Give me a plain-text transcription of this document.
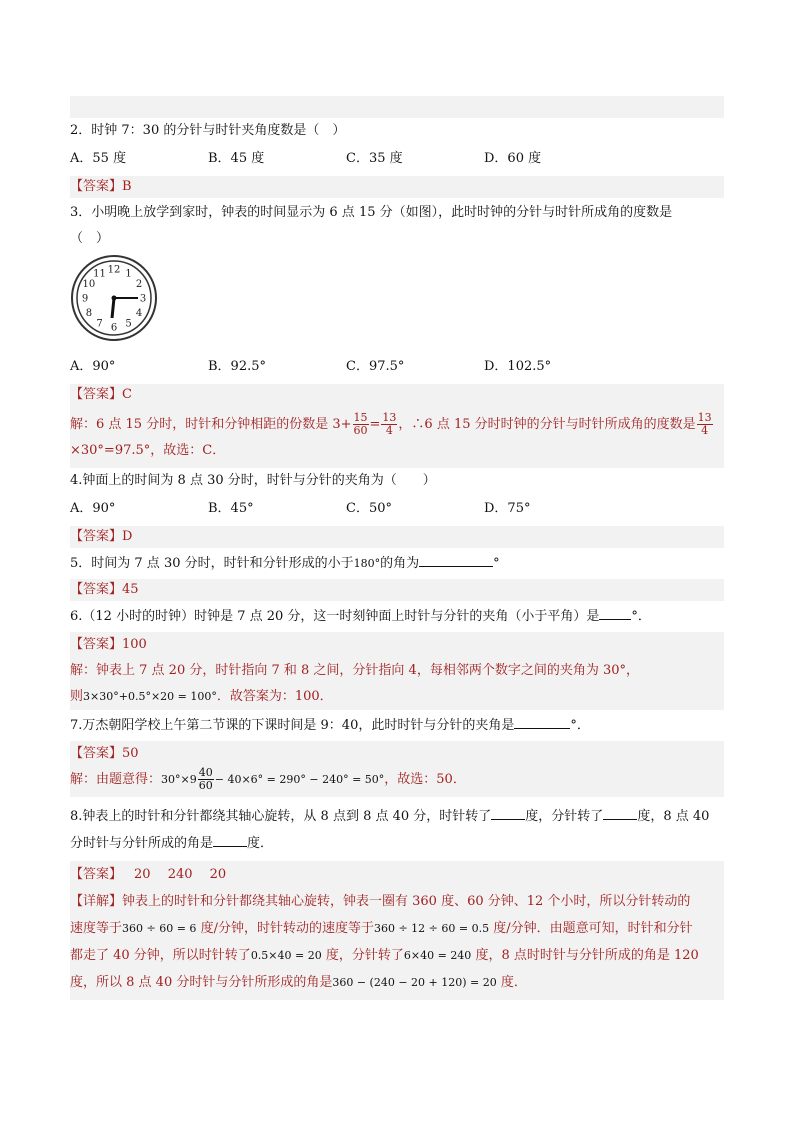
2．时钟 7：30 的分针与时针夹角度数是（　）
A．55 度	B．45 度	C．35 度	D．60 度
【答案】B
3．小明晚上放学到家时，钟表的时间显示为 6 点 15 分（如图），此时时钟的分针与时针所成角的度数是
（　）
12 1
2
3
4
5
6
7
8
9
10
11
A．90°	B．92.5°	C．97.5°	D．102.5°
【答案】C
解：6 点 15 分时，时针和分钟相距的份数是 $3+ \frac{15}{60} = \frac{13}{4}$ ，∴6 点 15 分时时钟的分针与时针所成角的度数是 $\frac{13}{4}$
×30°=97.5°，故选：C．
4.钟面上的时间为 8 点 30 分时，时针与分针的夹角为（　　）
A．90°	B．45°	C．50°	D．75°
【答案】D
5．时间为 7 点 30 分时，时针和分针形成的小于180°的角为	°
【答案】45
6.（12 小时的时钟）时钟是 7 点 20 分，这一时刻钟面上时针与分针的夹角（小于平角）是 °．
【答案】100
解：钟表上 7 点 20 分，时针指向 7 和 8 之间，分针指向 4，每相邻两个数字之间的夹角为 30°，
则3×30°+0.5°×20 = 100°．故答案为：100．
7.万杰朝阳学校上午第二节课的下课时间是 9：40，此时时针与分针的夹角是	°．
【答案】50
解：由题意得：$30^\circ\times 9 \frac{40}{60} - 40\times 6^\circ = 290^\circ - 240^\circ = 50^\circ$，故选：50．
8.钟表上的时针和分针都绕其轴心旋转，从 8 点到 8 点 40 分，时针转了	度，分针转了	度，8 点 40
分时针与分针所成的角是	度．
【答案】 20　 240　 20
【详解】钟表上的时针和分针都绕其轴心旋转，钟表一圈有 360 度、60 分钟、12 个小时，所以分针转动的
速度等于360 ÷ 60 = 6 度/分钟，时针转动的速度等于360 ÷ 12 ÷ 60 = 0.5 度/分钟．由题意可知，时针和分针
都走了 40 分钟，所以时针转了0.5×40 = 20 度，分针转了6×40 = 240 度，8 点时时针与分针所成的角是 120
度，所以 8 点 40 分时针与分针所形成的角是360 − (240 − 20 + 120) = 20 度．
